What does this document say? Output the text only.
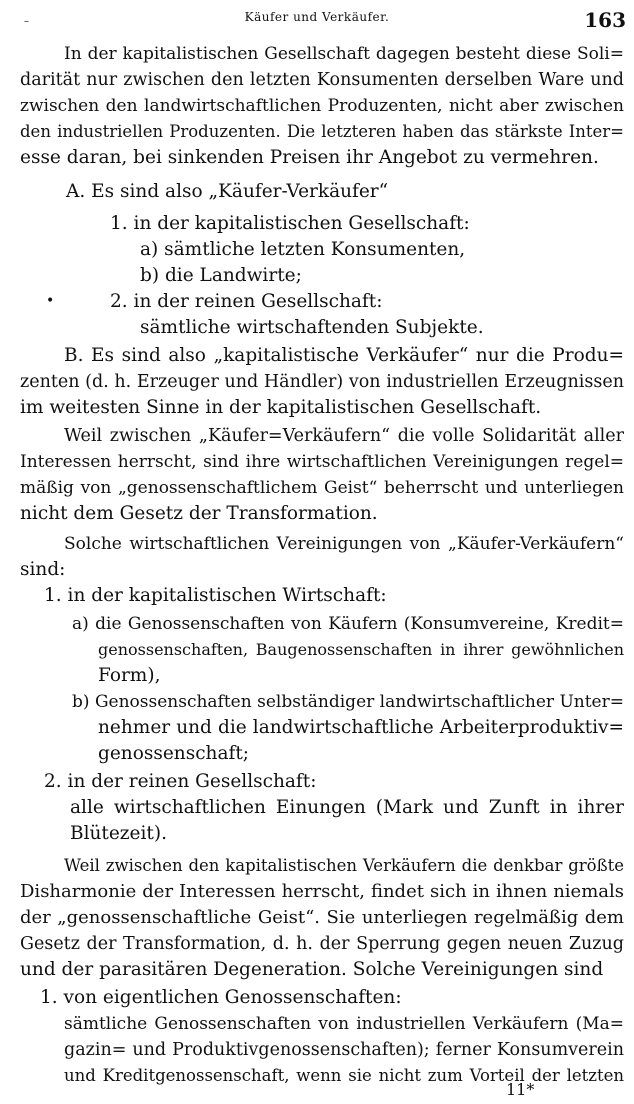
–	Käufer und Verkäufer.	163
•
In der kapitalistischen Gesellschaft dagegen besteht diese Soli=
darität nur zwischen den letzten Konsumenten derselben Ware und
zwischen den landwirtschaftlichen Produzenten, nicht aber zwischen
den industriellen Produzenten. Die letzteren haben das stärkste Inter=
esse daran, bei sinkenden Preisen ihr Angebot zu vermehren.
A. Es sind also „Käufer-Verkäufer“
1. in der kapitalistischen Gesellschaft:
a) sämtliche letzten Konsumenten,
b) die Landwirte;
2. in der reinen Gesellschaft:
sämtliche wirtschaftenden Subjekte.
B. Es sind also „kapitalistische Verkäufer“ nur die Produ=
zenten (d. h. Erzeuger und Händler) von industriellen Erzeugnissen
im weitesten Sinne in der kapitalistischen Gesellschaft.
Weil zwischen „Käufer=Verkäufern“ die volle Solidarität aller
Interessen herrscht, sind ihre wirtschaftlichen Vereinigungen regel=
mäßig von „genossenschaftlichem Geist“ beherrscht und unterliegen
nicht dem Gesetz der Transformation.
Solche wirtschaftlichen Vereinigungen von „Käufer-Verkäufern“
sind:
1. in der kapitalistischen Wirtschaft:
a) die Genossenschaften von Käufern (Konsumvereine, Kredit=
genossenschaften, Baugenossenschaften in ihrer gewöhnlichen
Form),
b) Genossenschaften selbständiger landwirtschaftlicher Unter=
nehmer und die landwirtschaftliche Arbeiterproduktiv=
genossenschaft;
2. in der reinen Gesellschaft:
alle wirtschaftlichen Einungen (Mark und Zunft in ihrer
Blütezeit).
Weil zwischen den kapitalistischen Verkäufern die denkbar größte
Disharmonie der Interessen herrscht, findet sich in ihnen niemals
der „genossenschaftliche Geist“. Sie unterliegen regelmäßig dem
Gesetz der Transformation, d. h. der Sperrung gegen neuen Zuzug
und der parasitären Degeneration. Solche Vereinigungen sind
1. von eigentlichen Genossenschaften:
sämtliche Genossenschaften von industriellen Verkäufern (Ma=
gazin= und Produktivgenossenschaften); ferner Konsumverein
und Kreditgenossenschaft, wenn sie nicht zum Vorteil der letzten
11*
